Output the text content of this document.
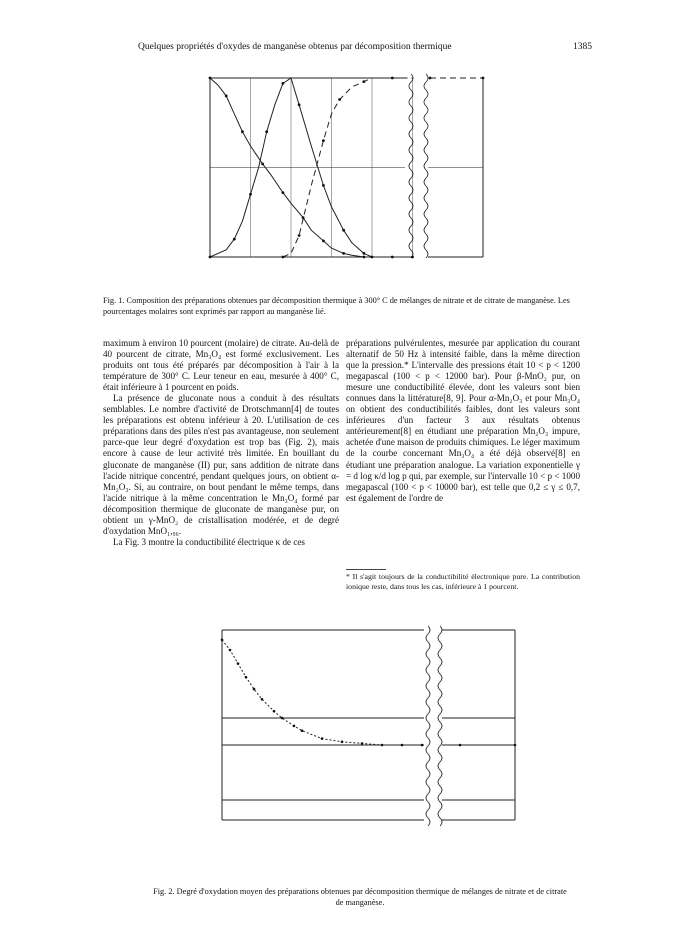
Quelques propriétés d'oxydes de manganèse obtenus par décomposition thermique	1385
Fig. 1. Composition des préparations obtenues par décomposition thermique à 300° C de mélanges de nitrate et de citrate de manganèse. Les pourcentages molaires sont exprimés par rapport au manganèse lié.

maximum à environ 10 pourcent (molaire) de citrate. Au-delà de 40 pourcent de citrate, Mn₃O₄ est formé exclusivement. Les produits ont tous été préparés par décomposition à l'air à la température de 300° C. Leur teneur en eau, mesurée à 400° C, était inférieure à 1 pourcent en poids.

La présence de gluconate nous a conduit à des résultats semblables. Le nombre d'activité de Drotschmann[4] de toutes les préparations est obtenu inférieur à 20. L'utilisation de ces préparations dans des piles n'est pas avantageuse, non seulement parce-que leur degré d'oxydation est trop bas (Fig. 2), mais encore à cause de leur activité très limitée. En bouillant du gluconate de manganèse (II) pur, sans addition de nitrate dans l'acide nitrique concentré, pendant quelques jours, on obtient α-Mn₂O₃. Si, au contraire, on bout pendant le même temps, dans l'acide nitrique à la même concentration le Mn₃O₄ formé par décomposition thermique de gluconate de manganèse pur, on obtient un γ-MnO₂ de cristallisation modérée, et de degré d'oxydation MnO₁,₉₆.

La Fig. 3 montre la conductibilité électrique κ de ces

préparations pulvérulentes, mesurée par application du courant alternatif de 50 Hz à intensité faible, dans la même direction que la pression.* L'intervalle des pressions était 10 < p < 1200 megapascal (100 < p < 12000 bar). Pour β-MnO₂ pur, on mesure une conductibilité élevée, dont les valeurs sont bien connues dans la littérature[8, 9]. Pour α-Mn₂O₃ et pour Mn₃O₄ on obtient des conductibilités faibles, dont les valeurs sont inférieures d'un facteur 3 aux résultats obtenus antérieurement[8] en étudiant une préparation Mn₂O₃ impure, achetée d'une maison de produits chimiques. Le léger maximum de la courbe concernant Mn₃O₄ a été déjà observé[8] en étudiant une préparation analogue. La variation exponentielle γ = d log κ/d log p qui, par exemple, sur l'intervalle 10 < p < 1000 megapascal (100 < p < 10000 bar), est telle que 0,2 ≤ γ ≤ 0,7, est également de l'ordre de

* Il s'agit toujours de la conductibilité électronique pure. La contribution ionique reste, dans tous les cas, inférieure à 1 pourcent.
Fig. 2. Degré d'oxydation moyen des préparations obtenues par décomposition thermique de mélanges de nitrate et de citrate de manganèse.
